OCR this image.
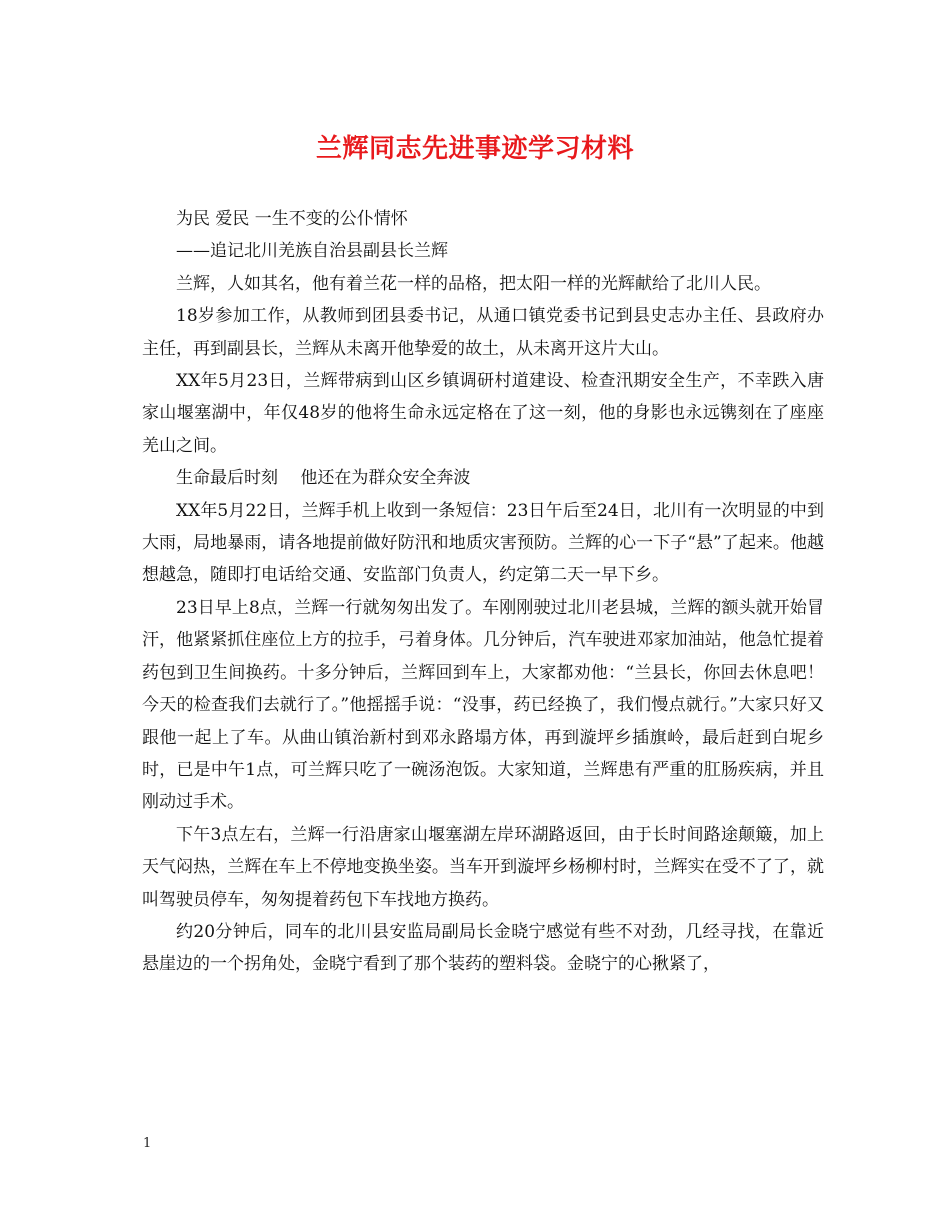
兰辉同志先进事迹学习材料

为民 爱民 一生不变的公仆情怀

——追记北川羌族自治县副县长兰辉

兰辉，人如其名，他有着兰花一样的品格，把太阳一样的光辉献给了北川人民。

18岁参加工作，从教师到团县委书记，从通口镇党委书记到县史志办主任、县政府办主任，再到副县长，兰辉从未离开他挚爱的故土，从未离开这片大山。

XX年5月23日，兰辉带病到山区乡镇调研村道建设、检查汛期安全生产，不幸跌入唐家山堰塞湖中，年仅48岁的他将生命永远定格在了这一刻，他的身影也永远镌刻在了座座羌山之间。

生命最后时刻　 他还在为群众安全奔波

XX年5月22日，兰辉手机上收到一条短信：23日午后至24日，北川有一次明显的中到大雨，局地暴雨，请各地提前做好防汛和地质灾害预防。兰辉的心一下子“悬”了起来。他越想越急，随即打电话给交通、安监部门负责人，约定第二天一早下乡。

23日早上8点，兰辉一行就匆匆出发了。车刚刚驶过北川老县城，兰辉的额头就开始冒汗，他紧紧抓住座位上方的拉手，弓着身体。几分钟后，汽车驶进邓家加油站，他急忙提着药包到卫生间换药。十多分钟后，兰辉回到车上，大家都劝他：“兰县长，你回去休息吧！今天的检查我们去就行了。”他摇摇手说：“没事，药已经换了，我们慢点就行。”大家只好又跟他一起上了车。从曲山镇治新村到邓永路塌方体，再到漩坪乡插旗岭，最后赶到白坭乡时，已是中午1点，可兰辉只吃了一碗汤泡饭。大家知道，兰辉患有严重的肛肠疾病，并且刚动过手术。

下午3点左右，兰辉一行沿唐家山堰塞湖左岸环湖路返回，由于长时间路途颠簸，加上天气闷热，兰辉在车上不停地变换坐姿。当车开到漩坪乡杨柳村时，兰辉实在受不了了，就叫驾驶员停车，匆匆提着药包下车找地方换药。

约20分钟后，同车的北川县安监局副局长金晓宁感觉有些不对劲，几经寻找，在靠近悬崖边的一个拐角处，金晓宁看到了那个装药的塑料袋。金晓宁的心揪紧了，

1
